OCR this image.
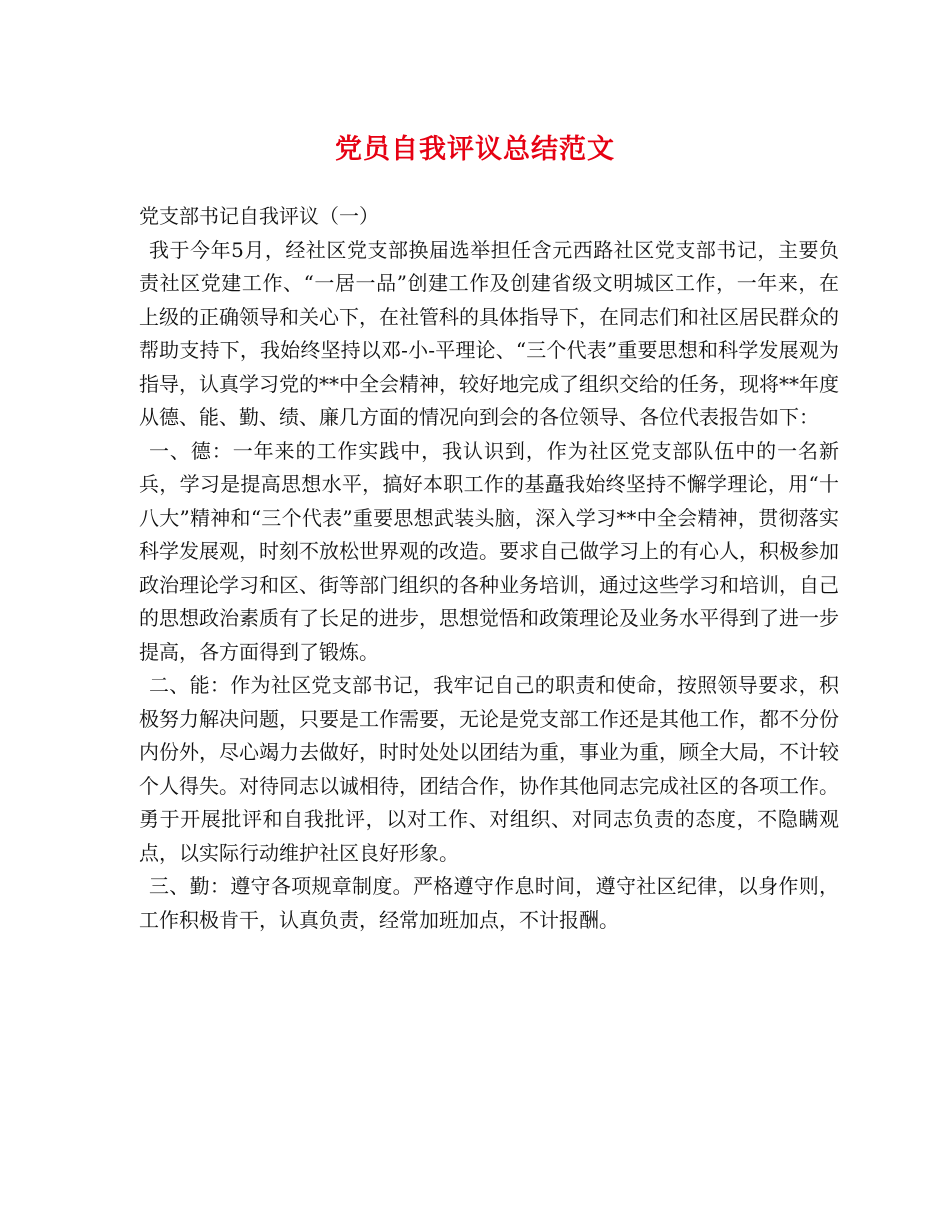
党员自我评议总结范文

党支部书记自我评议（一）

我于今年5月，经社区党支部换届选举担任含元西路社区党支部书记，主要负责社区党建工作、“一居一品”创建工作及创建省级文明城区工作，一年来，在上级的正确领导和关心下，在社管科的具体指导下，在同志们和社区居民群众的帮助支持下，我始终坚持以邓-小-平理论、“三个代表”重要思想和科学发展观为指导，认真学习党的**中全会精神，较好地完成了组织交给的任务，现将**年度从德、能、勤、绩、廉几方面的情况向到会的各位领导、各位代表报告如下：

一、德：一年来的工作实践中，我认识到，作为社区党支部队伍中的一名新兵，学习是提高思想水平，搞好本职工作的基矗我始终坚持不懈学理论，用“十八大”精神和“三个代表”重要思想武装头脑，深入学习**中全会精神，贯彻落实科学发展观，时刻不放松世界观的改造。要求自己做学习上的有心人，积极参加政治理论学习和区、街等部门组织的各种业务培训，通过这些学习和培训，自己的思想政治素质有了长足的进步，思想觉悟和政策理论及业务水平得到了进一步提高，各方面得到了锻炼。

二、能：作为社区党支部书记，我牢记自己的职责和使命，按照领导要求，积极努力解决问题，只要是工作需要，无论是党支部工作还是其他工作，都不分份内份外，尽心竭力去做好，时时处处以团结为重，事业为重，顾全大局，不计较个人得失。对待同志以诚相待，团结合作，协作其他同志完成社区的各项工作。勇于开展批评和自我批评，以对工作、对组织、对同志负责的态度，不隐瞒观点，以实际行动维护社区良好形象。

三、勤：遵守各项规章制度。严格遵守作息时间，遵守社区纪律，以身作则，工作积极肯干，认真负责，经常加班加点，不计报酬。
